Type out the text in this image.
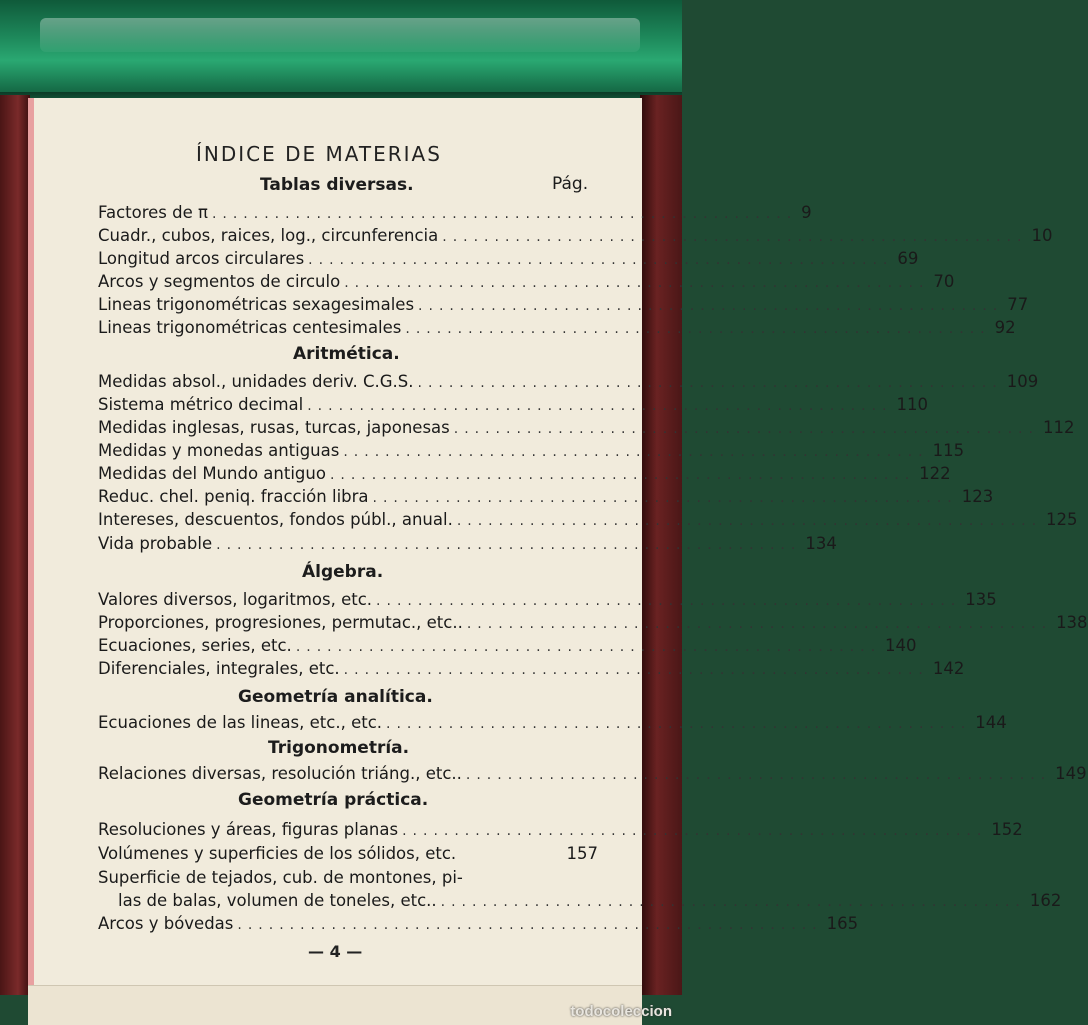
ÍNDICE DE MATERIAS
Tablas diversas.	Pág.
Factores de π ........................................................ 9
Cuadr., cubos, raices, log., circunferencia ........................................................ 10
Longitud arcos circulares ........................................................ 69
Arcos y segmentos de circulo ........................................................ 70
Lineas trigonométricas sexagesimales ........................................................ 77
Lineas trigonométricas centesimales ........................................................ 92
Aritmética.
Medidas absol., unidades deriv. C.G.S. ........................................................ 109
Sistema métrico decimal ........................................................ 110
Medidas inglesas, rusas, turcas, japonesas ........................................................ 112
Medidas y monedas antiguas ........................................................ 115
Medidas del Mundo antiguo ........................................................ 122
Reduc. chel. peniq. fracción libra ........................................................ 123
Intereses, descuentos, fondos públ., anual. ........................................................ 125
Vida probable ........................................................ 134
Álgebra.
Valores diversos, logaritmos, etc. ........................................................ 135
Proporciones, progresiones, permutac., etc.. ........................................................ 138
Ecuaciones, series, etc. ........................................................ 140
Diferenciales, integrales, etc. ........................................................ 142
Geometría analítica.
Ecuaciones de las lineas, etc., etc. ........................................................ 144
Trigonometría.
Relaciones diversas, resolución triáng., etc.. ........................................................ 149
Geometría práctica.
Resoluciones y áreas, figuras planas ........................................................ 152
Volúmenes y superficies de los sólidos, etc.	157
Superficie de tejados, cub. de montones, pi-
las de balas, volumen de toneles, etc.. ........................................................ 162
Arcos y bóvedas ........................................................ 165
— 4 —
todocoleccion
